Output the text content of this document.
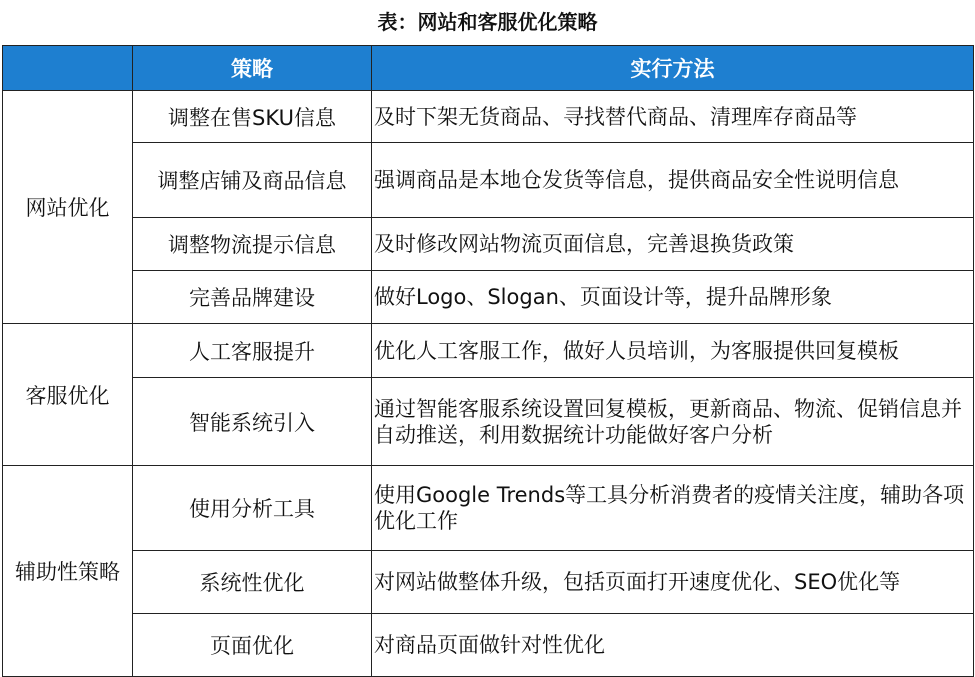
表：网站和客服优化策略
	策略	实行方法
网站优化	调整在售SKU信息	及时下架无货商品、寻找替代商品、清理库存商品等
	调整店铺及商品信息	强调商品是本地仓发货等信息，提供商品安全性说明信息
	调整物流提示信息	及时修改网站物流页面信息，完善退换货政策
	完善品牌建设	做好Logo、Slogan、页面设计等，提升品牌形象
客服优化	人工客服提升	优化人工客服工作，做好人员培训，为客服提供回复模板
	智能系统引入	通过智能客服系统设置回复模板，更新商品、物流、促销信息并自动推送，利用数据统计功能做好客户分析
辅助性策略	使用分析工具	使用Google Trends等工具分析消费者的疫情关注度，辅助各项优化工作
	系统性优化	对网站做整体升级，包括页面打开速度优化、SEO优化等
	页面优化	对商品页面做针对性优化
